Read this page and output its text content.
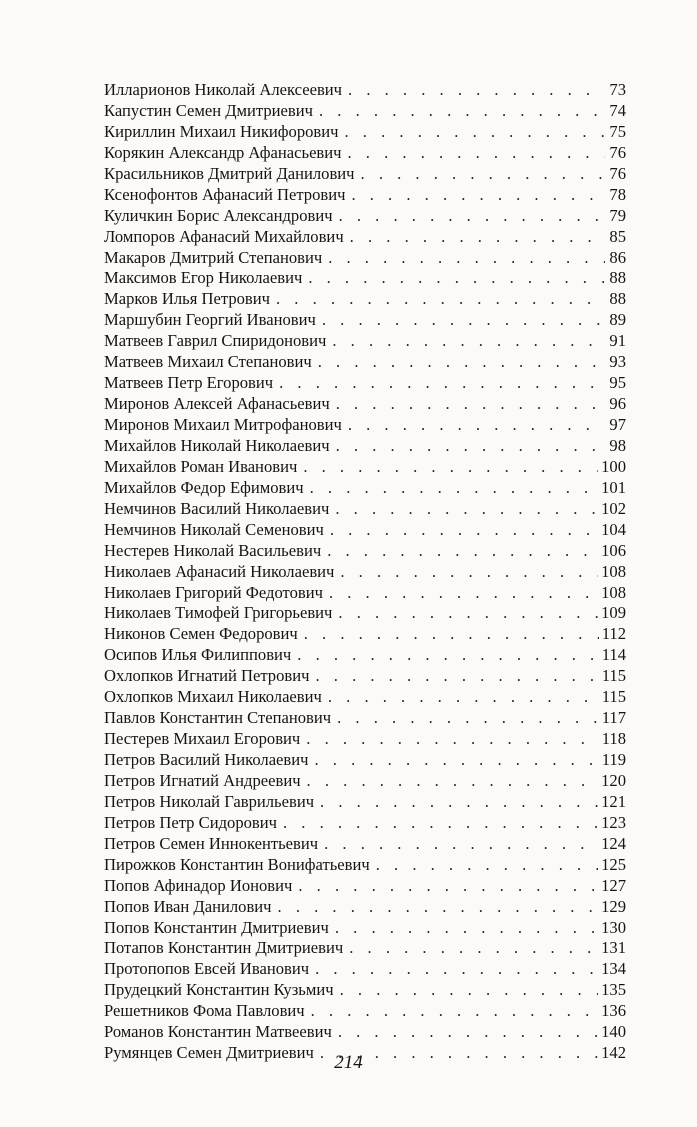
Илларионов Николай Алексеевич . . .	73
Капустин Семен Дмитриевич . . .	74
Кириллин Михаил Никифорович . . .	75
Корякин Александр Афанасьевич . . .	76
Красильников Дмитрий Данилович . . .	76
Ксенофонтов Афанасий Петрович . . .	78
Куличкин Борис Александрович . . .	79
Ломпоров Афанасий Михайлович . . .	85
Макаров Дмитрий Степанович . . .	86
Максимов Егор Николаевич . . .	88
Марков Илья Петрович . . .	88
Маршубин Георгий Иванович . . .	89
Матвеев Гаврил Спиридонович . . .	91
Матвеев Михаил Степанович . . .	93
Матвеев Петр Егорович . . .	95
Миронов Алексей Афанасьевич . . .	96
Миронов Михаил Митрофанович . . .	97
Михайлов Николай Николаевич . . .	98
Михайлов Роман Иванович . . .	100
Михайлов Федор Ефимович . . .	101
Немчинов Василий Николаевич . . .	102
Немчинов Николай Семенович . . .	104
Нестерев Николай Васильевич . . .	106
Николаев Афанасий Николаевич . . .	108
Николаев Григорий Федотович . . .	108
Николаев Тимофей Григорьевич . . .	109
Никонов Семен Федорович . . .	112
Осипов Илья Филиппович . . .	114
Охлопков Игнатий Петрович . . .	115
Охлопков Михаил Николаевич . . .	115
Павлов Константин Степанович . . .	117
Пестерев Михаил Егорович . . .	118
Петров Василий Николаевич . . .	119
Петров Игнатий Андреевич . . .	120
Петров Николай Гаврильевич . . .	121
Петров Петр Сидорович . . .	123
Петров Семен Иннокентьевич . . .	124
Пирожков Константин Вонифатьевич . . .	125
Попов Афинадор Ионович . . .	127
Попов Иван Данилович . . .	129
Попов Константин Дмитриевич . . .	130
Потапов Константин Дмитриевич . . .	131
Протопопов Евсей Иванович . . .	134
Прудецкий Константин Кузьмич . . .	135
Решетников Фома Павлович . . .	136
Романов Константин Матвеевич . . .	140
Румянцев Семен Дмитриевич . . .	142
214
